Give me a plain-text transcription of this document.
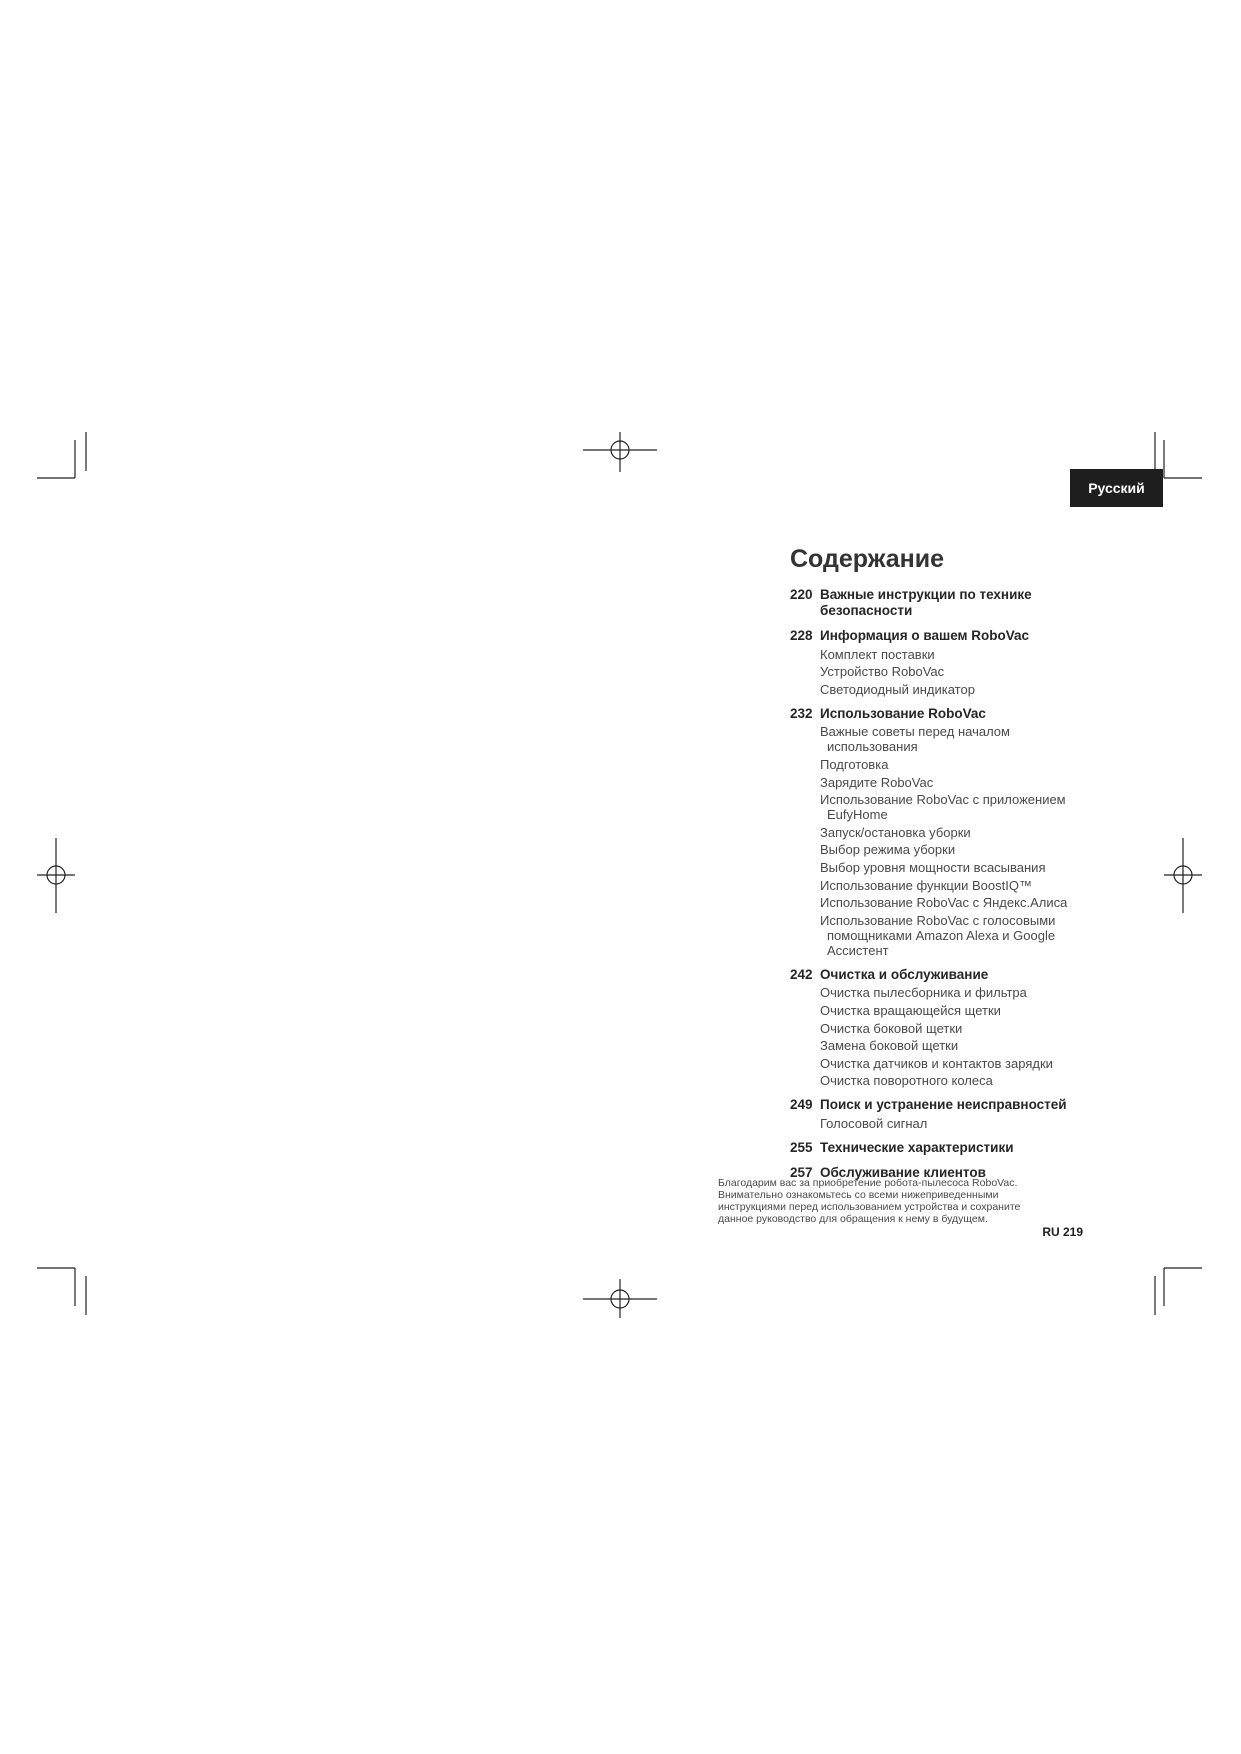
Русский
Содержание
220 Важные инструкции по технике безопасности
228 Информация о вашем RoboVac
Комплект поставки
Устройство RoboVac
Светодиодный индикатор
232 Использование RoboVac
Важные советы перед началом использования
Подготовка
Зарядите RoboVac
Использование RoboVac с приложением EufyHome
Запуск/остановка уборки
Выбор режима уборки
Выбор уровня мощности всасывания
Использование функции BoostIQ™
Использование RoboVac с Яндекс.Алиса
Использование RoboVac с голосовыми помощниками Amazon Alexa и Google Ассистент
242 Очистка и обслуживание
Очистка пылесборника и фильтра
Очистка вращающейся щетки
Очистка боковой щетки
Замена боковой щетки
Очистка датчиков и контактов зарядки
Очистка поворотного колеса
249 Поиск и устранение неисправностей
Голосовой сигнал
255 Технические характеристики
257 Обслуживание клиентов

Благодарим вас за приобретение робота-пылесоса RoboVac. Внимательно ознакомьтесь со всеми нижеприведенными инструкциями перед использованием устройства и сохраните данное руководство для обращения к нему в будущем.

RU 219
